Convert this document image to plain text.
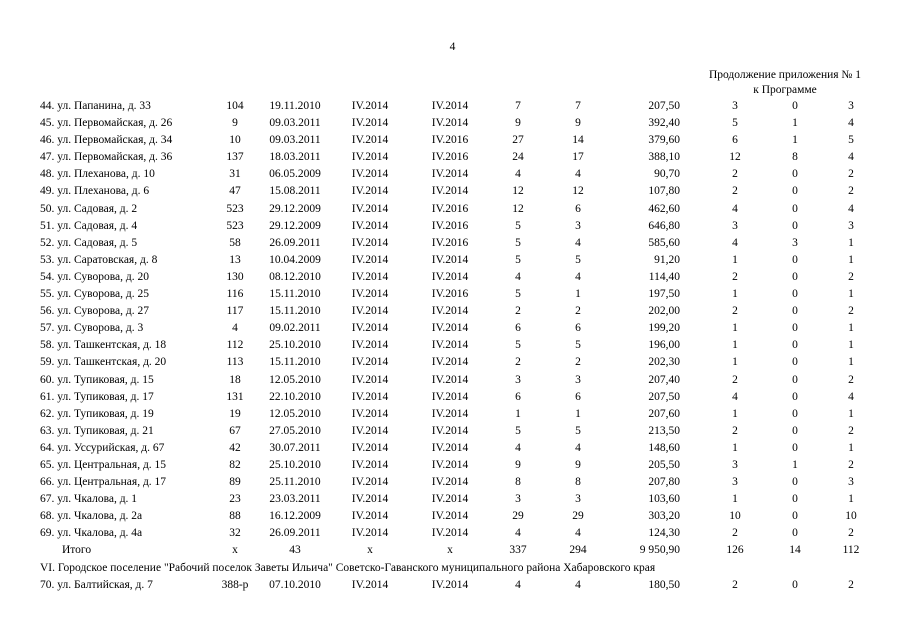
4
Продолжение приложения № 1
к Программе
44. ул. Папанина, д. 33	104	19.11.2010	IV.2014	IV.2014	7	7	207,50	3	0	3
45. ул. Первомайская, д. 26	9	09.03.2011	IV.2014	IV.2014	9	9	392,40	5	1	4
46. ул. Первомайская, д. 34	10	09.03.2011	IV.2014	IV.2016	27	14	379,60	6	1	5
47. ул. Первомайская, д. 36	137	18.03.2011	IV.2014	IV.2016	24	17	388,10	12	8	4
48. ул. Плеханова, д. 10	31	06.05.2009	IV.2014	IV.2014	4	4	90,70	2	0	2
49. ул. Плеханова, д. 6	47	15.08.2011	IV.2014	IV.2014	12	12	107,80	2	0	2
50. ул. Садовая, д. 2	523	29.12.2009	IV.2014	IV.2016	12	6	462,60	4	0	4
51. ул. Садовая, д. 4	523	29.12.2009	IV.2014	IV.2016	5	3	646,80	3	0	3
52. ул. Садовая, д. 5	58	26.09.2011	IV.2014	IV.2016	5	4	585,60	4	3	1
53. ул. Саратовская, д. 8	13	10.04.2009	IV.2014	IV.2014	5	5	91,20	1	0	1
54. ул. Суворова, д. 20	130	08.12.2010	IV.2014	IV.2014	4	4	114,40	2	0	2
55. ул. Суворова, д. 25	116	15.11.2010	IV.2014	IV.2016	5	1	197,50	1	0	1
56. ул. Суворова, д. 27	117	15.11.2010	IV.2014	IV.2014	2	2	202,00	2	0	2
57. ул. Суворова, д. 3	4	09.02.2011	IV.2014	IV.2014	6	6	199,20	1	0	1
58. ул. Ташкентская, д. 18	112	25.10.2010	IV.2014	IV.2014	5	5	196,00	1	0	1
59. ул. Ташкентская, д. 20	113	15.11.2010	IV.2014	IV.2014	2	2	202,30	1	0	1
60. ул. Тупиковая, д. 15	18	12.05.2010	IV.2014	IV.2014	3	3	207,40	2	0	2
61. ул. Тупиковая, д. 17	131	22.10.2010	IV.2014	IV.2014	6	6	207,50	4	0	4
62. ул. Тупиковая, д. 19	19	12.05.2010	IV.2014	IV.2014	1	1	207,60	1	0	1
63. ул. Тупиковая, д. 21	67	27.05.2010	IV.2014	IV.2014	5	5	213,50	2	0	2
64. ул. Уссурийская, д. 67	42	30.07.2011	IV.2014	IV.2014	4	4	148,60	1	0	1
65. ул. Центральная, д. 15	82	25.10.2010	IV.2014	IV.2014	9	9	205,50	3	1	2
66. ул. Центральная, д. 17	89	25.11.2010	IV.2014	IV.2014	8	8	207,80	3	0	3
67. ул. Чкалова, д. 1	23	23.03.2011	IV.2014	IV.2014	3	3	103,60	1	0	1
68. ул. Чкалова, д. 2а	88	16.12.2009	IV.2014	IV.2014	29	29	303,20	10	0	10
69. ул. Чкалова, д. 4а	32	26.09.2011	IV.2014	IV.2014	4	4	124,30	2	0	2
Итого	x	43	x	x	337	294	9 950,90	126	14	112
VI. Городское поселение "Рабочий поселок Заветы Ильича" Советско-Гаванского муниципального района Хабаровского края
70. ул. Балтийская, д. 7	388-р	07.10.2010	IV.2014	IV.2014	4	4	180,50	2	0	2
